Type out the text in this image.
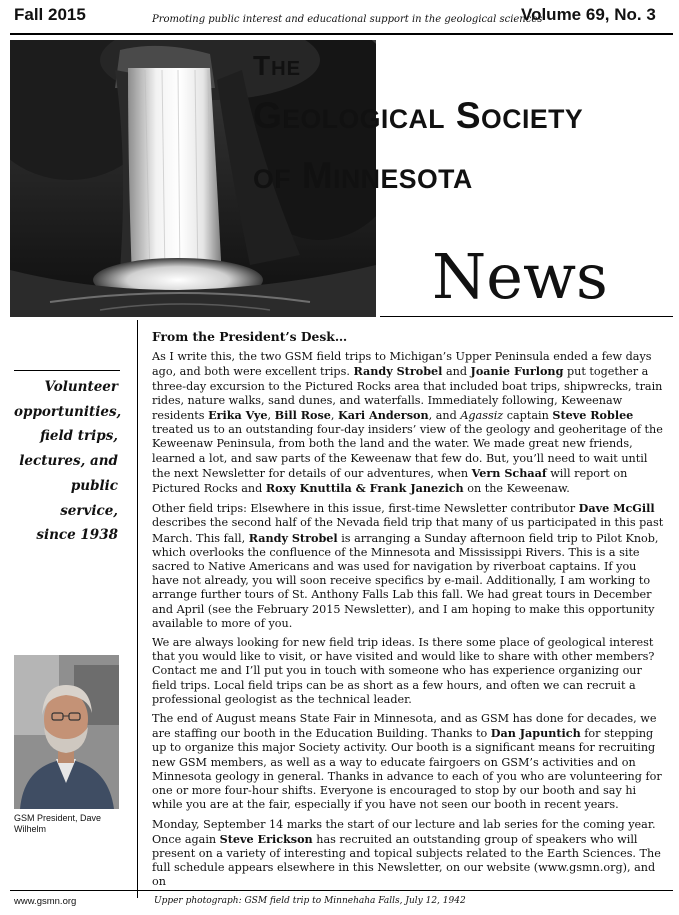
Fall 2015	Promoting public interest and educational support in the geological sciences
Volume 69, No. 3
THE
GEOLOGICAL SOCIETY
OF MINNESOTA
News
Volunteer
opportunities,
field trips,
lectures, and
public service,
since 1938
GSM President, Dave Wilhelm
From the President’s Desk…

As I write this, the two GSM field trips to Michigan’s Upper Peninsula ended a few days ago, and both were excellent trips. Randy Strobel and Joanie Furlong put together a three-day excursion to the Pictured Rocks area that included boat trips, shipwrecks, train rides, nature walks, sand dunes, and waterfalls. Immediately following, Keweenaw residents Erika Vye, Bill Rose, Kari Anderson, and Agassiz captain Steve Roblee treated us to an outstanding four-day insiders’ view of the geology and geoheritage of the Keweenaw Peninsula, from both the land and the water. We made great new friends, learned a lot, and saw parts of the Keweenaw that few do. But, you’ll need to wait until the next Newsletter for details of our adventures, when Vern Schaaf will report on Pictured Rocks and Roxy Knuttila & Frank Janezich on the Keweenaw.

Other field trips: Elsewhere in this issue, first-time Newsletter contributor Dave McGill describes the second half of the Nevada field trip that many of us participated in this past March. This fall, Randy Strobel is arranging a Sunday afternoon field trip to Pilot Knob, which overlooks the confluence of the Minnesota and Mississippi Rivers. This is a site sacred to Native Americans and was used for navigation by riverboat captains. If you have not already, you will soon receive specifics by e-mail. Additionally, I am working to arrange further tours of St. Anthony Falls Lab this fall. We had great tours in December and April (see the February 2015 Newsletter), and I am hoping to make this opportunity available to more of you.

We are always looking for new field trip ideas. Is there some place of geological interest that you would like to visit, or have visited and would like to share with other members? Contact me and I’ll put you in touch with someone who has experience organizing our field trips. Local field trips can be as short as a few hours, and often we can recruit a professional geologist as the technical leader.

The end of August means State Fair in Minnesota, and as GSM has done for decades, we are staffing our booth in the Education Building. Thanks to Dan Japuntich for stepping up to organize this major Society activity. Our booth is a significant means for recruiting new GSM members, as well as a way to educate fairgoers on GSM’s activities and on Minnesota geology in general. Thanks in advance to each of you who are volunteering for one or more four-hour shifts. Everyone is encouraged to stop by our booth and say hi while you are at the fair, especially if you have not seen our booth in recent years.

Monday, September 14 marks the start of our lecture and lab series for the coming year. Once again Steve Erickson has recruited an outstanding group of speakers who will present on a variety of interesting and topical subjects related to the Earth Sciences. The full schedule appears elsewhere in this Newsletter, on our website (www.gsmn.org), and on

www.gsmn.org	Upper photograph: GSM field trip to Minnehaha Falls, July 12, 1942
